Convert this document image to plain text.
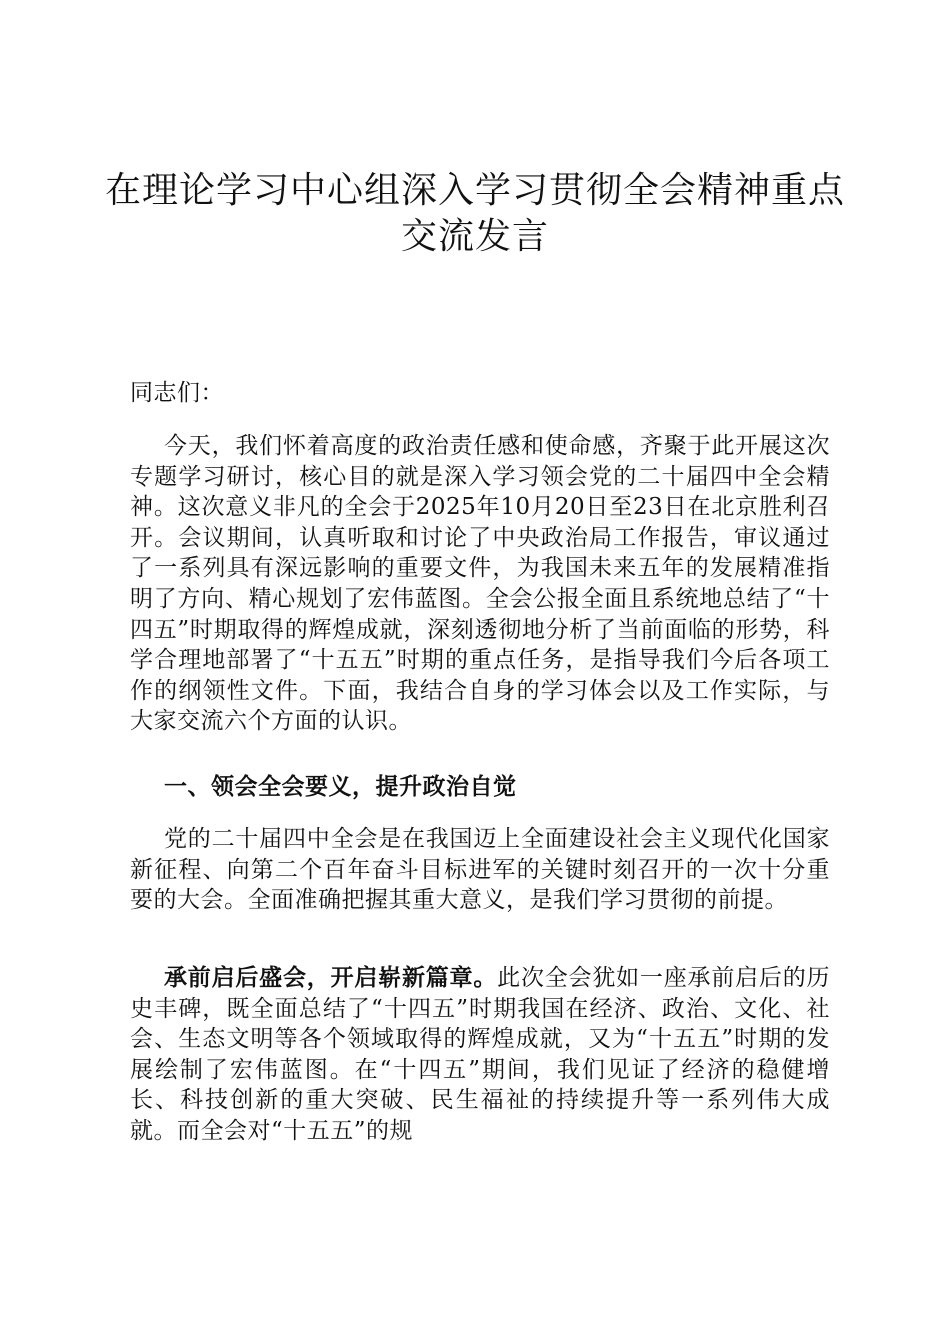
在理论学习中心组深入学习贯彻全会精神重点
交流发言

同志们：

今天，我们怀着高度的政治责任感和使命感，齐聚于此开展这次专题学习研讨，核心目的就是深入学习领会党的二十届四中全会精神。这次意义非凡的全会于2025年10月20日至23日在北京胜利召开。会议期间，认真听取和讨论了中央政治局工作报告，审议通过了一系列具有深远影响的重要文件，为我国未来五年的发展精准指明了方向、精心规划了宏伟蓝图。全会公报全面且系统地总结了“十四五”时期取得的辉煌成就，深刻透彻地分析了当前面临的形势，科学合理地部署了“十五五”时期的重点任务，是指导我们今后各项工作的纲领性文件。下面，我结合自身的学习体会以及工作实际，与大家交流六个方面的认识。

一、领会全会要义，提升政治自觉

党的二十届四中全会是在我国迈上全面建设社会主义现代化国家新征程、向第二个百年奋斗目标进军的关键时刻召开的一次十分重要的大会。全面准确把握其重大意义，是我们学习贯彻的前提。

承前启后盛会，开启崭新篇章。此次全会犹如一座承前启后的历史丰碑，既全面总结了“十四五”时期我国在经济、政治、文化、社会、生态文明等各个领域取得的辉煌成就，又为“十五五”时期的发展绘制了宏伟蓝图。在“十四五”期间，我们见证了经济的稳健增长、科技创新的重大突破、民生福祉的持续提升等一系列伟大成就。而全会对“十五五”的规
